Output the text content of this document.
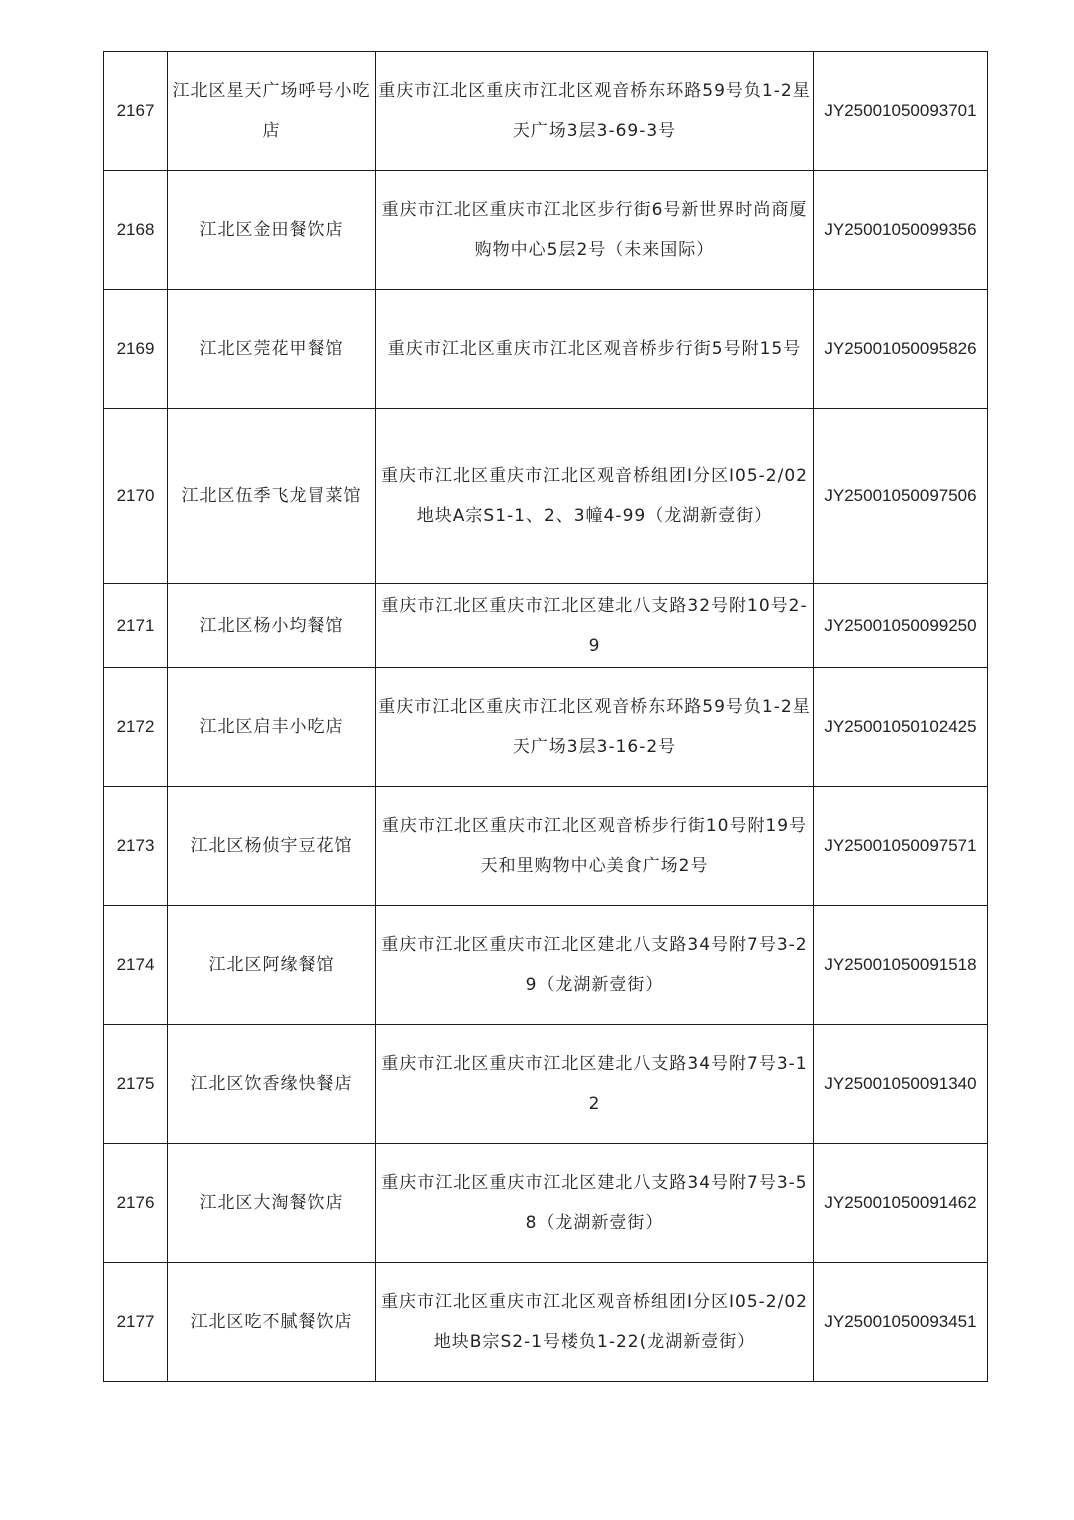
2167	江北区星天广场呼号小吃店	重庆市江北区重庆市江北区观音桥东环路59号负1-2星天广场3层3-69-3号	JY25001050093701
2168	江北区金田餐饮店	重庆市江北区重庆市江北区步行街6号新世界时尚商厦购物中心5层2号（未来国际）	JY25001050099356
2169	江北区莞花甲餐馆	重庆市江北区重庆市江北区观音桥步行街5号附15号	JY25001050095826
2170	江北区伍季飞龙冒菜馆	重庆市江北区重庆市江北区观音桥组团Ⅰ分区Ⅰ05-2/02地块A宗S1-1、2、3幢4-99（龙湖新壹街）	JY25001050097506
2171	江北区杨小均餐馆	重庆市江北区重庆市江北区建北八支路32号附10号2-9	JY25001050099250
2172	江北区启丰小吃店	重庆市江北区重庆市江北区观音桥东环路59号负1-2星天广场3层3-16-2号	JY25001050102425
2173	江北区杨侦宇豆花馆	重庆市江北区重庆市江北区观音桥步行街10号附19号天和里购物中心美食广场2号	JY25001050097571
2174	江北区阿缘餐馆	重庆市江北区重庆市江北区建北八支路34号附7号3-29（龙湖新壹街）	JY25001050091518
2175	江北区饮香缘快餐店	重庆市江北区重庆市江北区建北八支路34号附7号3-12	JY25001050091340
2176	江北区大淘餐饮店	重庆市江北区重庆市江北区建北八支路34号附7号3-58（龙湖新壹街）	JY25001050091462
2177	江北区吃不腻餐饮店	重庆市江北区重庆市江北区观音桥组团Ⅰ分区I05-2/02地块B宗S2-1号楼负1-22(龙湖新壹街）	JY25001050093451
